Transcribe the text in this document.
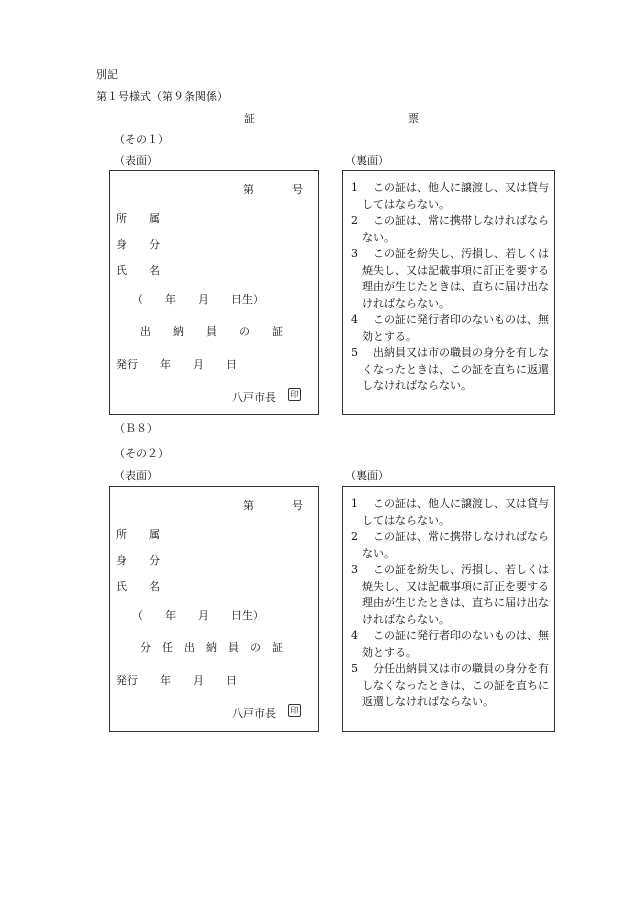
別記
第１号様式（第９条関係）
証	票
（その１）
（表面）	（裏面）
第	号
所　　属
身　　分
氏　　名
（　　年　　月　　日生）
出　　納　　員　　の　　証
発行　　年　　月　　日
八戸市長	印
1	この証は、他人に譲渡し、又は貸与してはならない。
2	この証は、常に携帯しなければならない。
3	この証を紛失し、汚損し、若しくは焼失し、又は記載事項に訂正を要する理由が生じたときは、直ちに届け出なければならない。
4	この証に発行者印のないものは、無効とする。
5	出納員又は市の職員の身分を有しなくなったときは、この証を直ちに返還しなければならない。
（Ｂ８）
（その２）
（表面）	（裏面）
第	号
所　　属
身　　分
氏　　名
（　　年　　月　　日生）
分　任　出　納　員　の　証
発行　　年　　月　　日
八戸市長	印
1	この証は、他人に譲渡し、又は貸与してはならない。
2	この証は、常に携帯しなければならない。
3	この証を紛失し、汚損し、若しくは焼失し、又は記載事項に訂正を要する理由が生じたときは、直ちに届け出なければならない。
4	この証に発行者印のないものは、無効とする。
5	分任出納員又は市の職員の身分を有しなくなったときは、この証を直ちに返還しなければならない。
